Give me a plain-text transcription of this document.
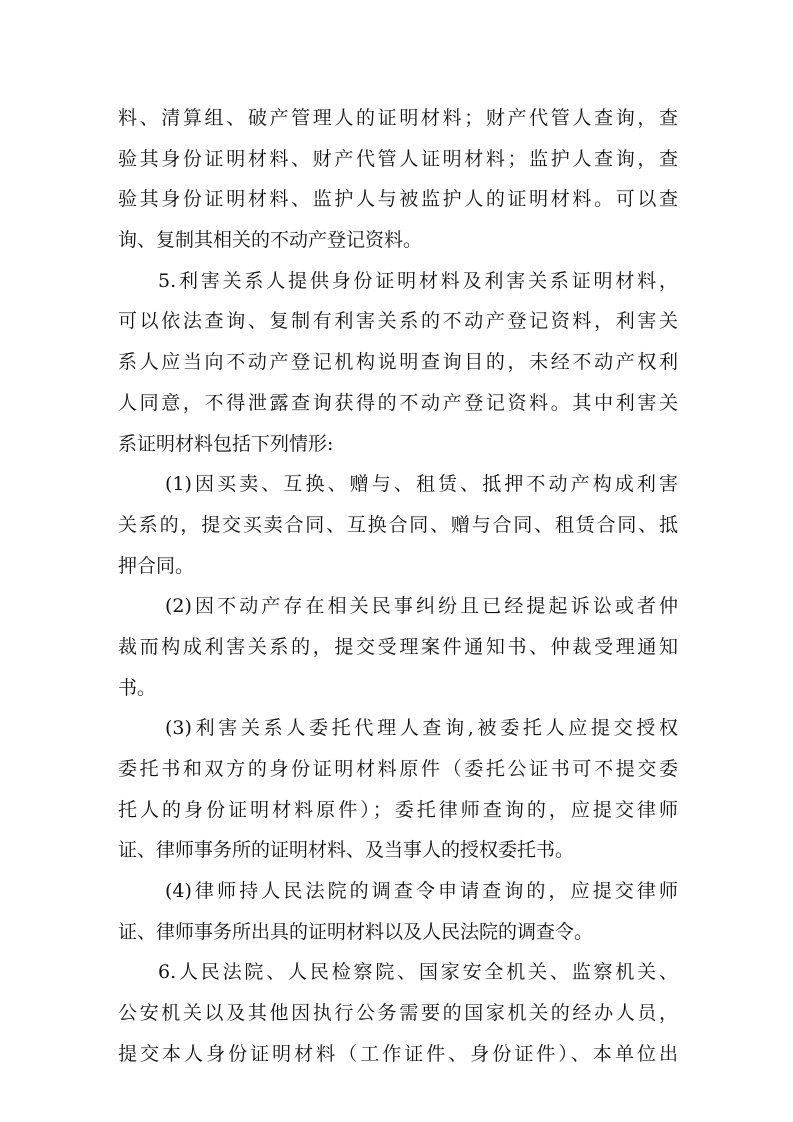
料、清算组、破产管理人的证明材料；财产代管人查询，查
验其身份证明材料、财产代管人证明材料；监护人查询，查
验其身份证明材料、监护人与被监护人的证明材料。可以查
询、复制其相关的不动产登记资料。
5.利害关系人提供身份证明材料及利害关系证明材料，
可以依法查询、复制有利害关系的不动产登记资料，利害关
系人应当向不动产登记机构说明查询目的，未经不动产权利
人同意，不得泄露查询获得的不动产登记资料。其中利害关
系证明材料包括下列情形:
(1)因买卖、互换、赠与、租赁、抵押不动产构成利害
关系的，提交买卖合同、互换合同、赠与合同、租赁合同、抵
押合同。
(2)因不动产存在相关民事纠纷且已经提起诉讼或者仲
裁而构成利害关系的，提交受理案件通知书、仲裁受理通知
书。
(3)利害关系人委托代理人查询,被委托人应提交授权
委托书和双方的身份证明材料原件（委托公证书可不提交委
托人的身份证明材料原件）；委托律师查询的，应提交律师
证、律师事务所的证明材料、及当事人的授权委托书。
(4)律师持人民法院的调查令申请查询的，应提交律师
证、律师事务所出具的证明材料以及人民法院的调查令。
6.人民法院、人民检察院、国家安全机关、监察机关、
公安机关以及其他因执行公务需要的国家机关的经办人员，
提交本人身份证明材料（工作证件、身份证件）、本单位出
